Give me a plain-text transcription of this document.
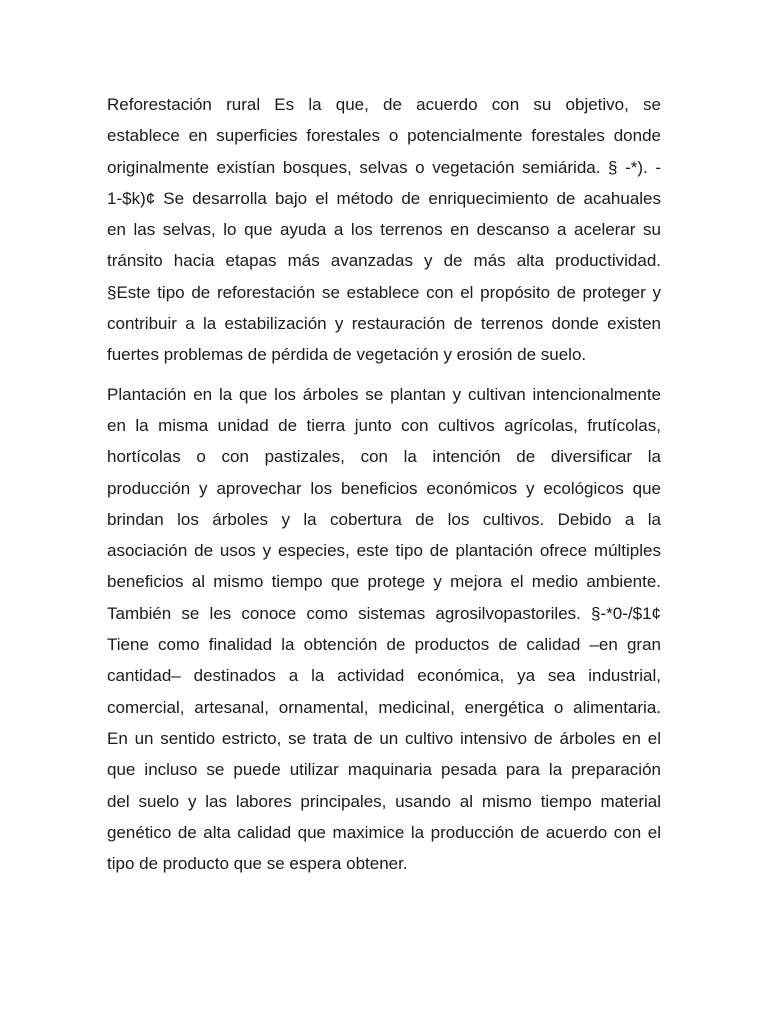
Reforestación rural Es la que, de acuerdo con su objetivo, se
establece en superficies forestales o potencialmente forestales donde
originalmente existían bosques, selvas o vegetación semiárida. § -*). -
1-$k)¢ Se desarrolla bajo el método de enriquecimiento de acahuales
en las selvas, lo que ayuda a los terrenos en descanso a acelerar su
tránsito hacia etapas más avanzadas y de más alta productividad.
§Este tipo de reforestación se establece con el propósito de proteger y
contribuir a la estabilización y restauración de terrenos donde existen
fuertes problemas de pérdida de vegetación y erosión de suelo.

Plantación en la que los árboles se plantan y cultivan intencionalmente
en la misma unidad de tierra junto con cultivos agrícolas, frutícolas,
hortícolas o con pastizales, con la intención de diversificar la
producción y aprovechar los beneficios económicos y ecológicos que
brindan los árboles y la cobertura de los cultivos. Debido a la
asociación de usos y especies, este tipo de plantación ofrece múltiples
beneficios al mismo tiempo que protege y mejora el medio ambiente.
También se les conoce como sistemas agrosilvopastoriles. §-*0-/$1¢
Tiene como finalidad la obtención de productos de calidad –en gran
cantidad– destinados a la actividad económica, ya sea industrial,
comercial, artesanal, ornamental, medicinal, energética o alimentaria.
En un sentido estricto, se trata de un cultivo intensivo de árboles en el
que incluso se puede utilizar maquinaria pesada para la preparación
del suelo y las labores principales, usando al mismo tiempo material
genético de alta calidad que maximice la producción de acuerdo con el
tipo de producto que se espera obtener.
